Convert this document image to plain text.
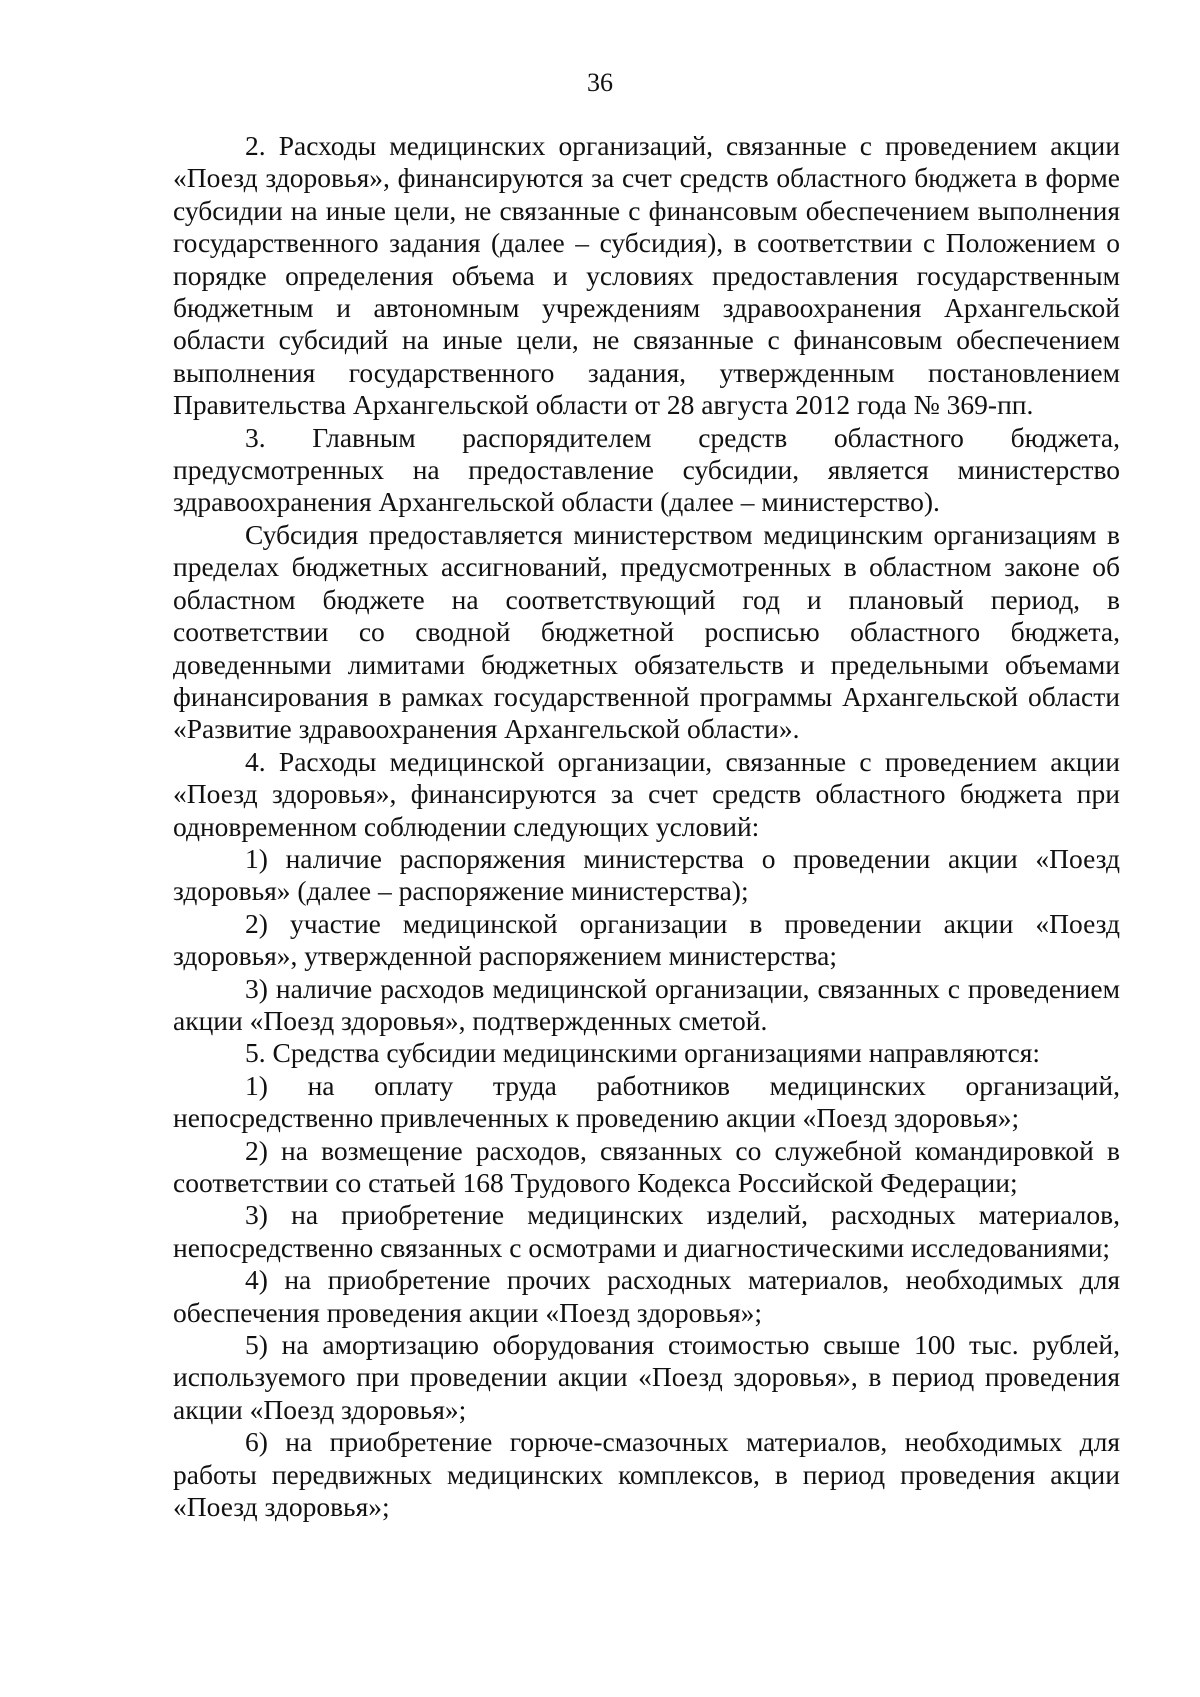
36

2. Расходы медицинских организаций, связанные с проведением акции «Поезд здоровья», финансируются за счет средств областного бюджета в форме субсидии на иные цели, не связанные с финансовым обеспечением выполнения государственного задания (далее – субсидия), в соответствии с Положением о порядке определения объема и условиях предоставления государственным бюджетным и автономным учреждениям здравоохранения Архангельской области субсидий на иные цели, не связанные с финансовым обеспечением выполнения государственного задания, утвержденным постановлением Правительства Архангельской области от 28 августа 2012 года № 369-пп.

3. Главным распорядителем средств областного бюджета, предусмотренных на предоставление субсидии, является министерство здравоохранения Архангельской области (далее – министерство).

Субсидия предоставляется министерством медицинским организациям в пределах бюджетных ассигнований, предусмотренных в областном законе об областном бюджете на соответствующий год и плановый период, в соответствии со сводной бюджетной росписью областного бюджета, доведенными лимитами бюджетных обязательств и предельными объемами финансирования в рамках государственной программы Архангельской области «Развитие здравоохранения Архангельской области».

4. Расходы медицинской организации, связанные с проведением акции «Поезд здоровья», финансируются за счет средств областного бюджета при одновременном соблюдении следующих условий:

1) наличие распоряжения министерства о проведении акции «Поезд здоровья» (далее – распоряжение министерства);

2) участие медицинской организации в проведении акции «Поезд здоровья», утвержденной распоряжением министерства;

3) наличие расходов медицинской организации, связанных с проведением акции «Поезд здоровья», подтвержденных сметой.

5. Средства субсидии медицинскими организациями направляются:

1) на оплату труда работников медицинских организаций, непосредственно привлеченных к проведению акции «Поезд здоровья»;

2) на возмещение расходов, связанных со служебной командировкой в соответствии со статьей 168 Трудового Кодекса Российской Федерации;

3) на приобретение медицинских изделий, расходных материалов, непосредственно связанных с осмотрами и диагностическими исследованиями;

4) на приобретение прочих расходных материалов, необходимых для обеспечения проведения акции «Поезд здоровья»;

5) на амортизацию оборудования стоимостью свыше 100 тыс. рублей, используемого при проведении акции «Поезд здоровья», в период проведения акции «Поезд здоровья»;

6) на приобретение горюче-смазочных материалов, необходимых для работы передвижных медицинских комплексов, в период проведения акции «Поезд здоровья»;
